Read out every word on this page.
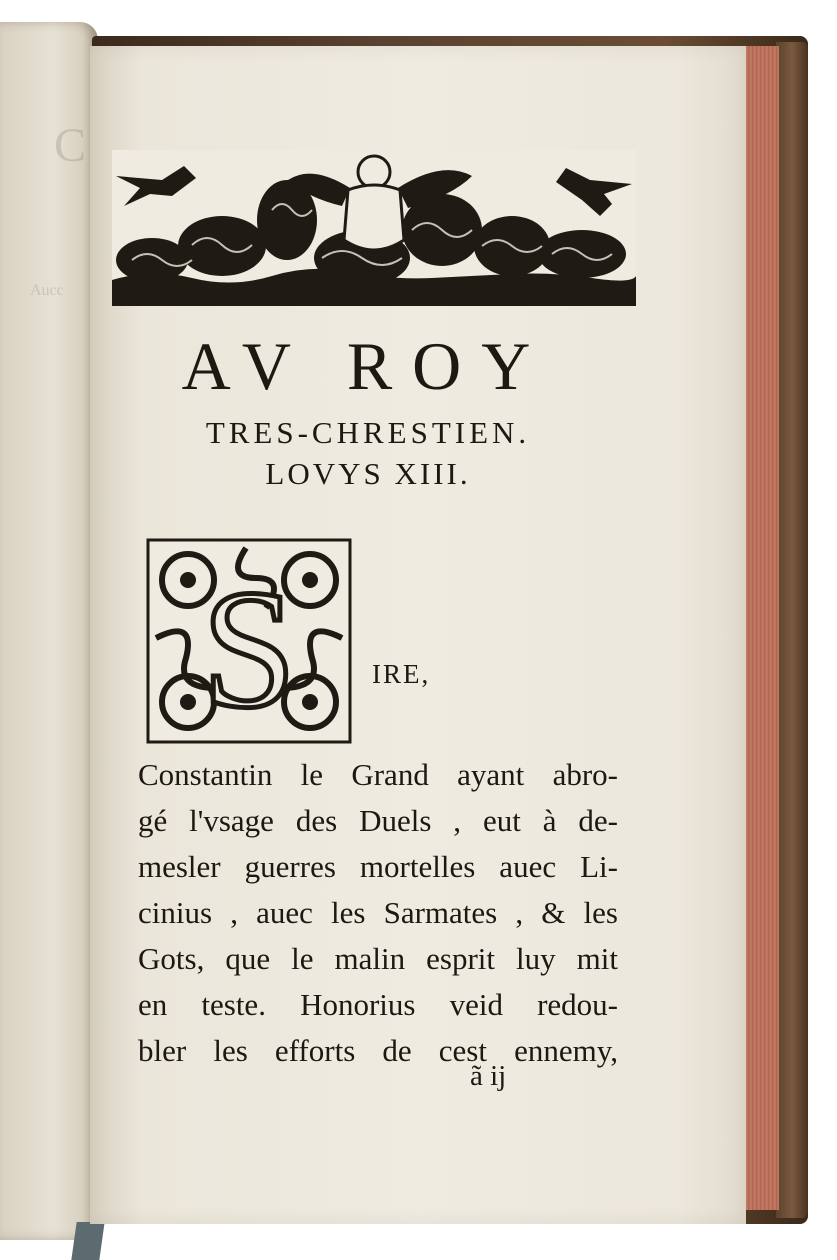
C
Aucc
AV ROY
TRES-CHRESTIEN.
LOVYS XIII.
S	IRE,
Constantin le Grand ayant abro-
gé l'vsage des Duels , eut à de-
mesler guerres mortelles auec Li-
cinius , auec les Sarmates , & les
Gots, que le malin esprit luy mit
en teste. Honorius veid redou-
bler les efforts de cest ennemy,
ã ij
